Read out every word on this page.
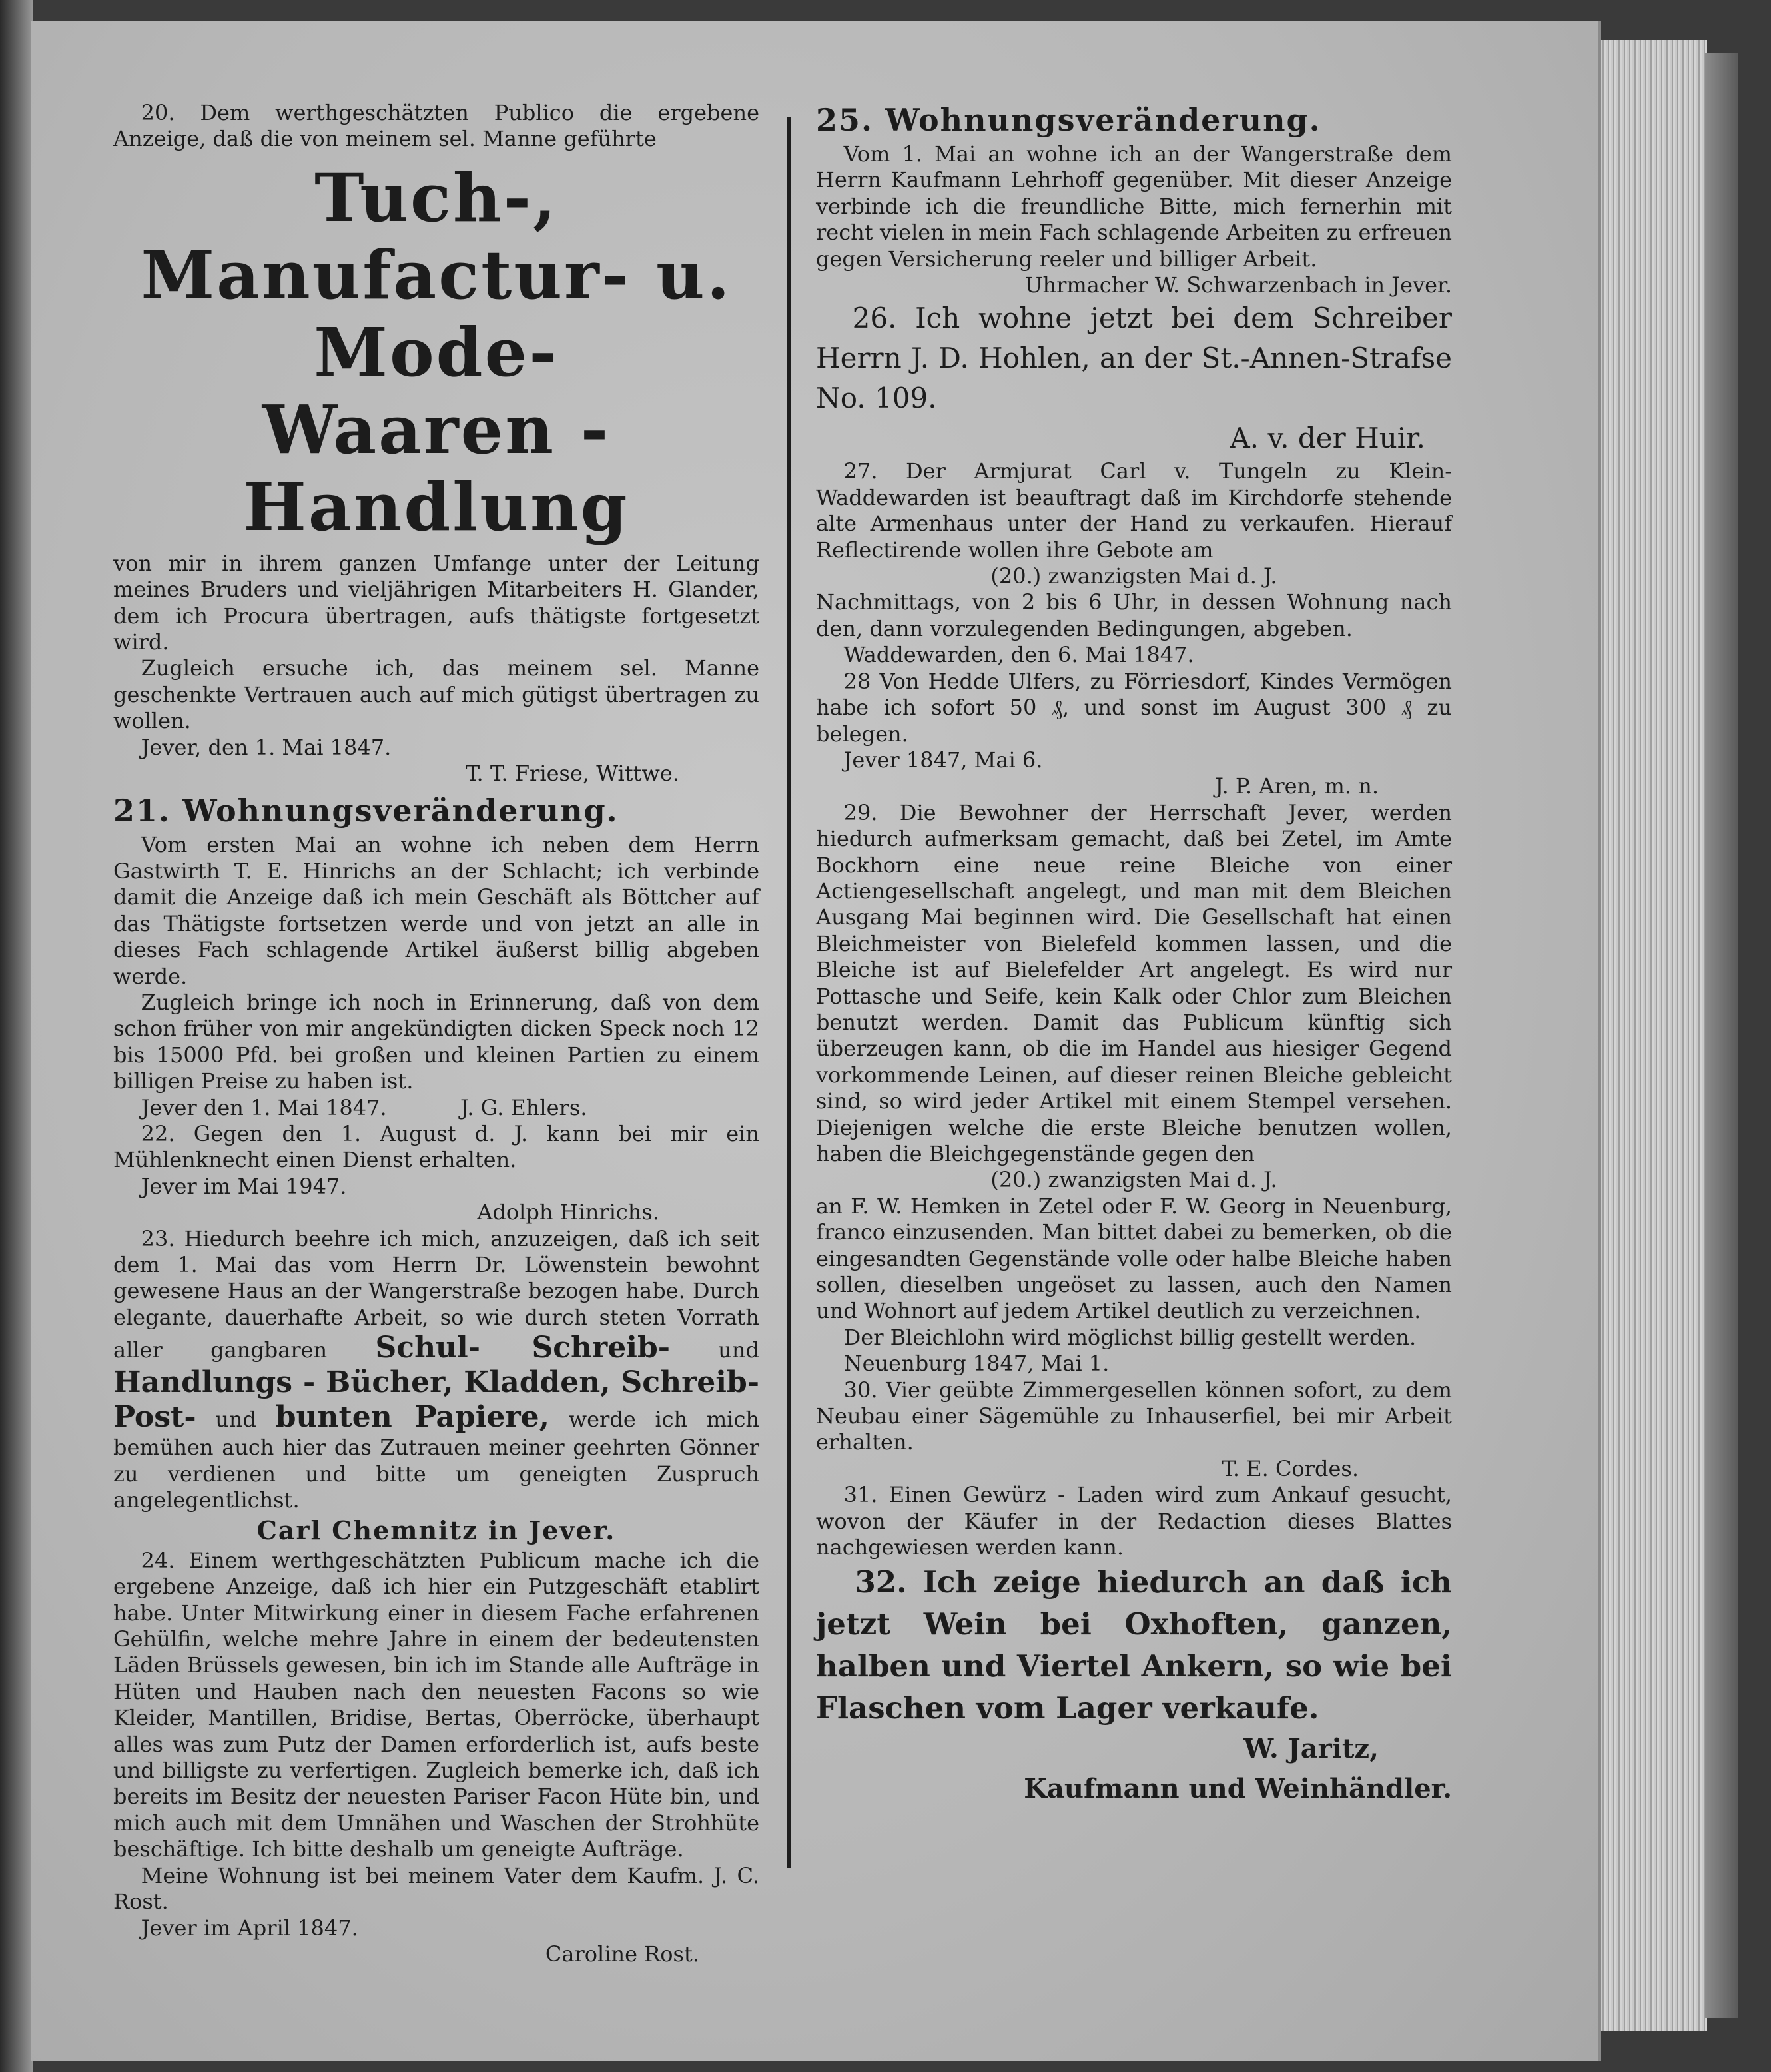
20. Dem werthgeschätzten Publico die ergebene Anzeige, daß die von meinem sel. Manne geführte

Tuch-,
Manufactur- u. Mode-
Waaren - Handlung

von mir in ihrem ganzen Umfange unter der Leitung meines Bruders und vieljährigen Mitarbeiters H. Glander, dem ich Procura übertragen, aufs thätigste fortgesetzt wird.

Zugleich ersuche ich, das meinem sel. Manne geschenkte Vertrauen auch auf mich gütigst übertragen zu wollen.

Jever, den 1. Mai 1847.

T. T. Friese, Wittwe.
21. Wohnungsveränderung.

Vom ersten Mai an wohne ich neben dem Herrn Gastwirth T. E. Hinrichs an der Schlacht; ich verbinde damit die Anzeige daß ich mein Geschäft als Böttcher auf das Thätigste fortsetzen werde und von jetzt an alle in dieses Fach schlagende Artikel äußerst billig abgeben werde.

Zugleich bringe ich noch in Erinnerung, daß von dem schon früher von mir angekündigten dicken Speck noch 12 bis 15000 Pfd. bei großen und kleinen Partien zu einem billigen Preise zu haben ist.

Jever den 1. Mai 1847.	J. G. Ehlers.

22. Gegen den 1. August d. J. kann bei mir ein Mühlenknecht einen Dienst erhalten.

Jever im Mai 1947.

Adolph Hinrichs.

23. Hiedurch beehre ich mich, anzuzeigen, daß ich seit dem 1. Mai das vom Herrn Dr. Löwenstein bewohnt gewesene Haus an der Wangerstraße bezogen habe. Durch elegante, dauerhafte Arbeit, so wie durch steten Vorrath aller gangbaren Schul- Schreib- und Handlungs - Bücher, Kladden, Schreib-Post- und bunten Papiere, werde ich mich bemühen auch hier das Zutrauen meiner geehrten Gönner zu verdienen und bitte um geneigten Zuspruch angelegentlichst.

Carl Chemnitz in Jever.

24. Einem werthgeschätzten Publicum mache ich die ergebene Anzeige, daß ich hier ein Putzgeschäft etablirt habe. Unter Mitwirkung einer in diesem Fache erfahrenen Gehülfin, welche mehre Jahre in einem der bedeutensten Läden Brüssels gewesen, bin ich im Stande alle Aufträge in Hüten und Hauben nach den neuesten Facons so wie Kleider, Mantillen, Bridise, Bertas, Oberröcke, überhaupt alles was zum Putz der Damen erforderlich ist, aufs beste und billigste zu verfertigen. Zugleich bemerke ich, daß ich bereits im Besitz der neuesten Pariser Facon Hüte bin, und mich auch mit dem Umnähen und Waschen der Strohhüte beschäftige. Ich bitte deshalb um geneigte Aufträge.

Meine Wohnung ist bei meinem Vater dem Kaufm. J. C. Rost.

Jever im April 1847.

Caroline Rost.
25. Wohnungsveränderung.

Vom 1. Mai an wohne ich an der Wangerstraße dem Herrn Kaufmann Lehrhoff gegenüber. Mit dieser Anzeige verbinde ich die freundliche Bitte, mich fernerhin mit recht vielen in mein Fach schlagende Arbeiten zu erfreuen gegen Versicherung reeler und billiger Arbeit.

Uhrmacher W. Schwarzenbach in Jever.

26. Ich wohne jetzt bei dem Schreiber Herrn J. D. Hohlen, an der St.-Annen-Strafse No. 109.

A. v. der Huir.

27. Der Armjurat Carl v. Tungeln zu Klein-Waddewarden ist beauftragt daß im Kirchdorfe stehende alte Armenhaus unter der Hand zu verkaufen. Hierauf Reflectirende wollen ihre Gebote am

(20.) zwanzigsten Mai d. J.

Nachmittags, von 2 bis 6 Uhr, in dessen Wohnung nach den, dann vorzulegenden Bedingungen, abgeben.

Waddewarden, den 6. Mai 1847.

28 Von Hedde Ulfers, zu Förriesdorf, Kindes Vermögen habe ich sofort 50 ₰, und sonst im August 300 ₰ zu belegen.

Jever 1847, Mai 6.

J. P. Aren, m. n.

29. Die Bewohner der Herrschaft Jever, werden hiedurch aufmerksam gemacht, daß bei Zetel, im Amte Bockhorn eine neue reine Bleiche von einer Actiengesellschaft angelegt, und man mit dem Bleichen Ausgang Mai beginnen wird. Die Gesellschaft hat einen Bleichmeister von Bielefeld kommen lassen, und die Bleiche ist auf Bielefelder Art angelegt. Es wird nur Pottasche und Seife, kein Kalk oder Chlor zum Bleichen benutzt werden. Damit das Publicum künftig sich überzeugen kann, ob die im Handel aus hiesiger Gegend vorkommende Leinen, auf dieser reinen Bleiche gebleicht sind, so wird jeder Artikel mit einem Stempel versehen. Diejenigen welche die erste Bleiche benutzen wollen, haben die Bleichgegenstände gegen den

(20.) zwanzigsten Mai d. J.

an F. W. Hemken in Zetel oder F. W. Georg in Neuenburg, franco einzusenden. Man bittet dabei zu bemerken, ob die eingesandten Gegenstände volle oder halbe Bleiche haben sollen, dieselben ungeöset zu lassen, auch den Namen und Wohnort auf jedem Artikel deutlich zu verzeichnen.

Der Bleichlohn wird möglichst billig gestellt werden.

Neuenburg 1847, Mai 1.

30. Vier geübte Zimmergesellen können sofort, zu dem Neubau einer Sägemühle zu Inhauserfiel, bei mir Arbeit erhalten.

T. E. Cordes.

31. Einen Gewürz - Laden wird zum Ankauf gesucht, wovon der Käufer in der Redaction dieses Blattes nachgewiesen werden kann.

32. Ich zeige hiedurch an daß ich jetzt Wein bei Oxhoften, ganzen, halben und Viertel Ankern, so wie bei Flaschen vom Lager verkaufe.

W. Jaritz,
Kaufmann und Weinhändler.
